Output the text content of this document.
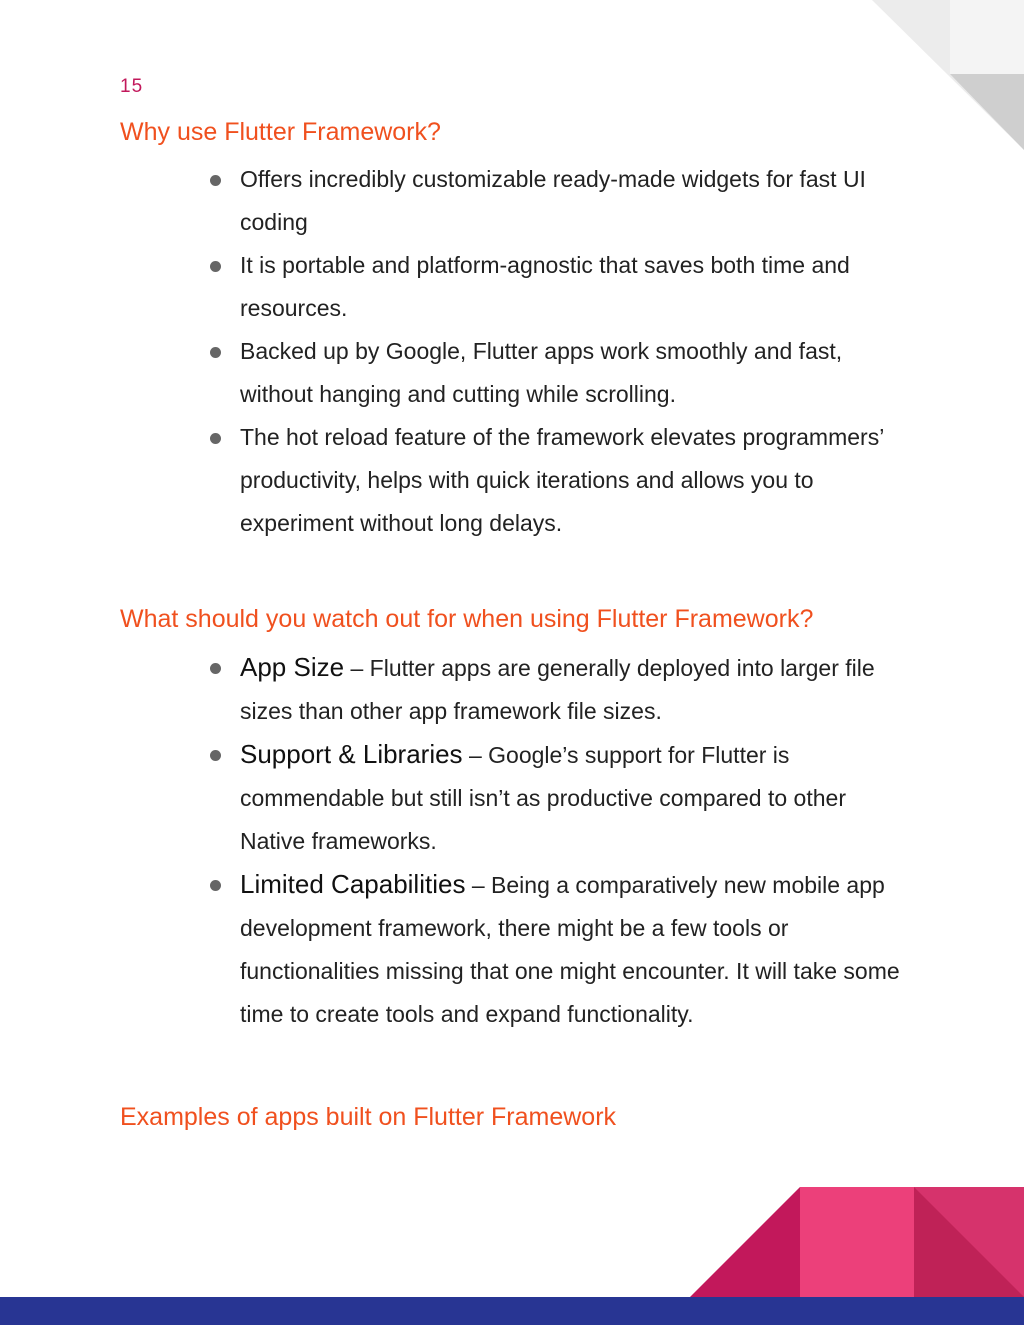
15
Why use Flutter Framework?
Offers incredibly customizable ready-made widgets for fast UI coding
It is portable and platform-agnostic that saves both time and resources.
Backed up by Google, Flutter apps work smoothly and fast, without hanging and cutting while scrolling.
The hot reload feature of the framework elevates programmers’ productivity, helps with quick iterations and allows you to experiment without long delays.
What should you watch out for when using Flutter Framework?
App Size – Flutter apps are generally deployed into larger file sizes than other app framework file sizes.
Support & Libraries – Google’s support for Flutter is commendable but still isn’t as productive compared to other Native frameworks.
Limited Capabilities – Being a comparatively new mobile app development framework, there might be a few tools or functionalities missing that one might encounter. It will take some time to create tools and expand functionality.
Examples of apps built on Flutter Framework
